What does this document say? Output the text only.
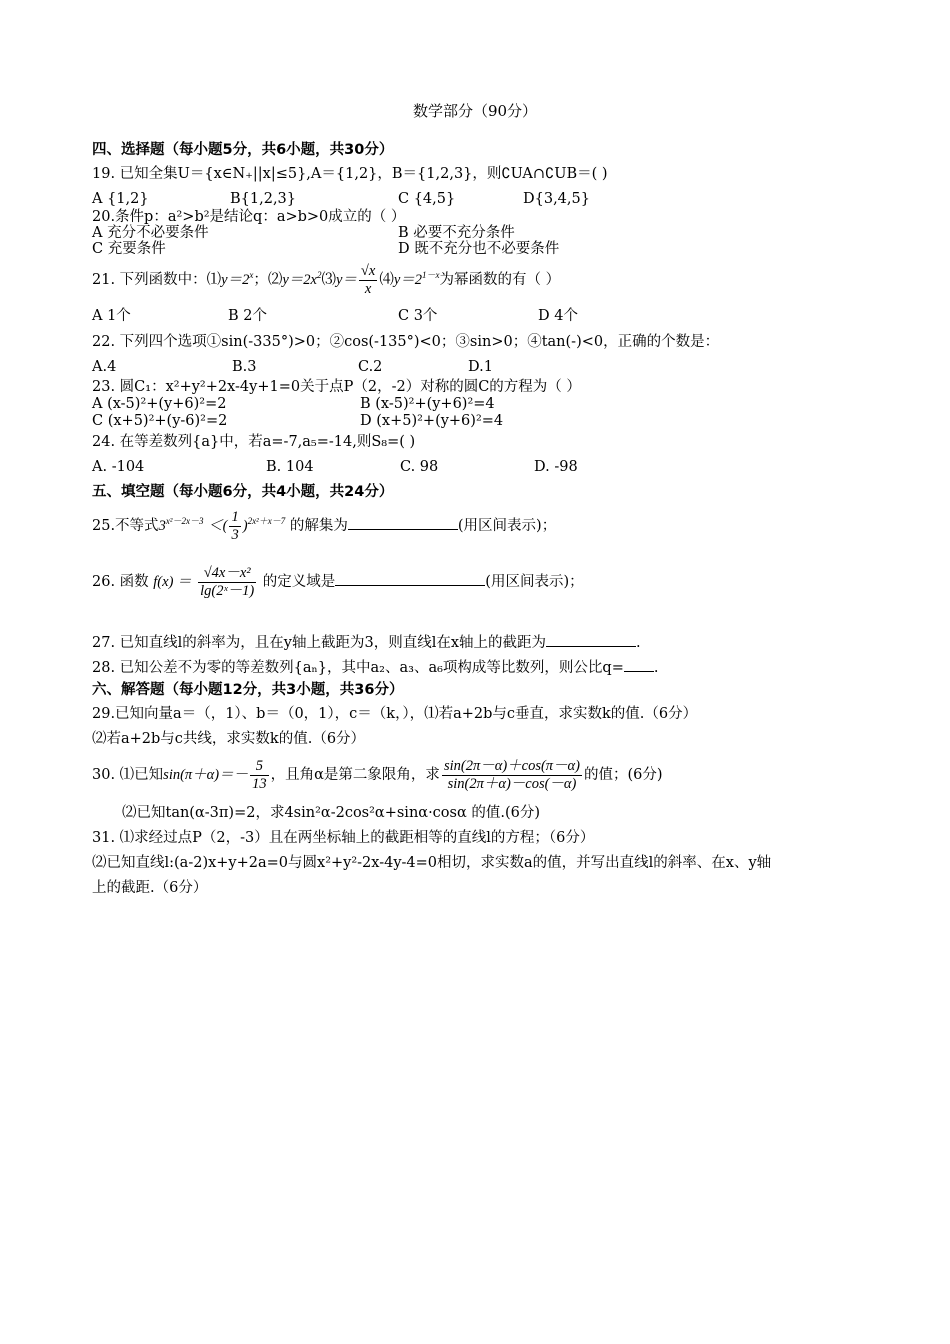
数学部分（90分）
四、选择题（每小题5分，共6小题，共30分）
19. 已知全集U＝{x∈N₊||x|≤5},A＝{1,2}，B＝{1,2,3}，则∁UA∩∁UB＝( )
A {1,2}	B{1,2,3}	C {4,5}	D{3,4,5}
20.条件p：a²>b²是结论q：a>b>0成立的（ ）
A 充分不必要条件	B 必要不充分条件
C 充要条件	D 既不充分也不必要条件
21. 下列函数中：$⑴y=2^x$；$⑵y=2x^2⑶y= \frac{√x}{x}$ $⑷y=2^{1-x}$为幂函数的有（ ）
A 1个	B 2个	C 3个	D 4个
22. 下列四个选项①sin(-335°)>0；②cos(-135°)<0；③sin>0；④tan(-)<0，正确的个数是：
A.4	B.3	C.2	D.1
23. 圆C₁：x²+y²+2x-4y+1=0关于点P（2，-2）对称的圆C的方程为（ ）
A (x-5)²+(y+6)²=2	B (x-5)²+(y+6)²=4
C (x+5)²+(y-6)²=2	D (x+5)²+(y+6)²=4
24. 在等差数列{a}中，若a=-7,a₅=-14,则S₈=( )
A. -104	B. 104	C. 98	D. -98
五、填空题（每小题6分，共4小题，共24分）
25.不等式$3^{x^2-2x-3}$ ＜( $\frac{1}{3} )^{2x^2+x-7}$ 的解集为	(用区间表示)；
26. 函数 $f(x) = \frac{\text{√4x－x²}}{\text{lg(2ˣ－1)}}$ 的定义域是	(用区间表示)；
27. 已知直线l的斜率为，且在y轴上截距为3，则直线l在x轴上的截距为	.
28. 已知公差不为零的等差数列{aₙ}，其中a₂、a₃、a₆项构成等比数列，则公比q= .
六、解答题（每小题12分，共3小题，共36分）
29.已知向量a＝（，1）、b＝（0，1），c＝（k，），⑴若a+2b与c垂直，求实数k的值.（6分）
⑵若a+2b与c共线，求实数k的值.（6分）
30. ⑴已知$\sin(\pi+\alpha)=- \frac{5}{13}$ ，且角α是第二象限角，求 $\frac{\sin(2\pi-\alpha)+\cos(\pi-\alpha)}{\sin(2\pi+\alpha)-\cos(-\alpha)}$ 的值；(6分)
⑵已知tan(α-3π)=2，求4sin²α-2cos²α+sinα·cosα 的值.(6分)
31. ⑴求经过点P（2，-3）且在两坐标轴上的截距相等的直线l的方程；（6分）
⑵已知直线l:(a-2)x+y+2a=0与圆x²+y²-2x-4y-4=0相切，求实数a的值，并写出直线l的斜率、在x、y轴
上的截距.（6分）
